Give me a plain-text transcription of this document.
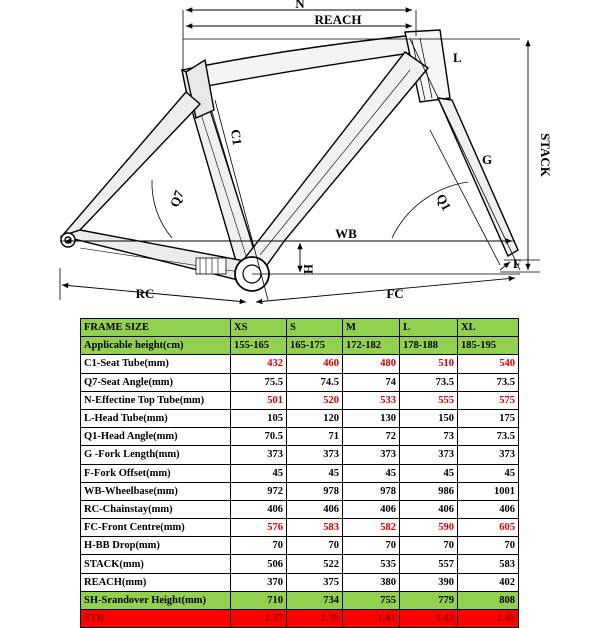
N
REACH
STACK
L
C1
G
Q7	Q1
WB
H	F
RC	FC
FRAME SIZE	XS	S	M	L	XL
Applicable height(cm)	155-165	165-175	172-182	178-188	185-195
C1-Seat Tube(mm)	432	460	480	510	540
Q7-Seat Angle(mm)	75.5	74.5	74	73.5	73.5
N-Effectine Top Tube(mm)	501	520	533	555	575
L-Head Tube(mm)	105	120	130	150	175
Q1-Head Angle(mm)	70.5	71	72	73	73.5
G -Fork Length(mm)	373	373	373	373	373
F-Fork Offset(mm)	45	45	45	45	45
WB-Wheelbase(mm)	972	978	978	986	1001
RC-Chainstay(mm)	406	406	406	406	406
FC-Front Centre(mm)	576	583	582	590	605
H-BB Drop(mm)	70	70	70	70	70
STACK(mm)	506	522	535	557	583
REACH(mm)	370	375	380	390	402
SH-Srandover Height(mm)	710	734	755	779	808
STR	1.37	1.39	1.41	1.43	1.45
